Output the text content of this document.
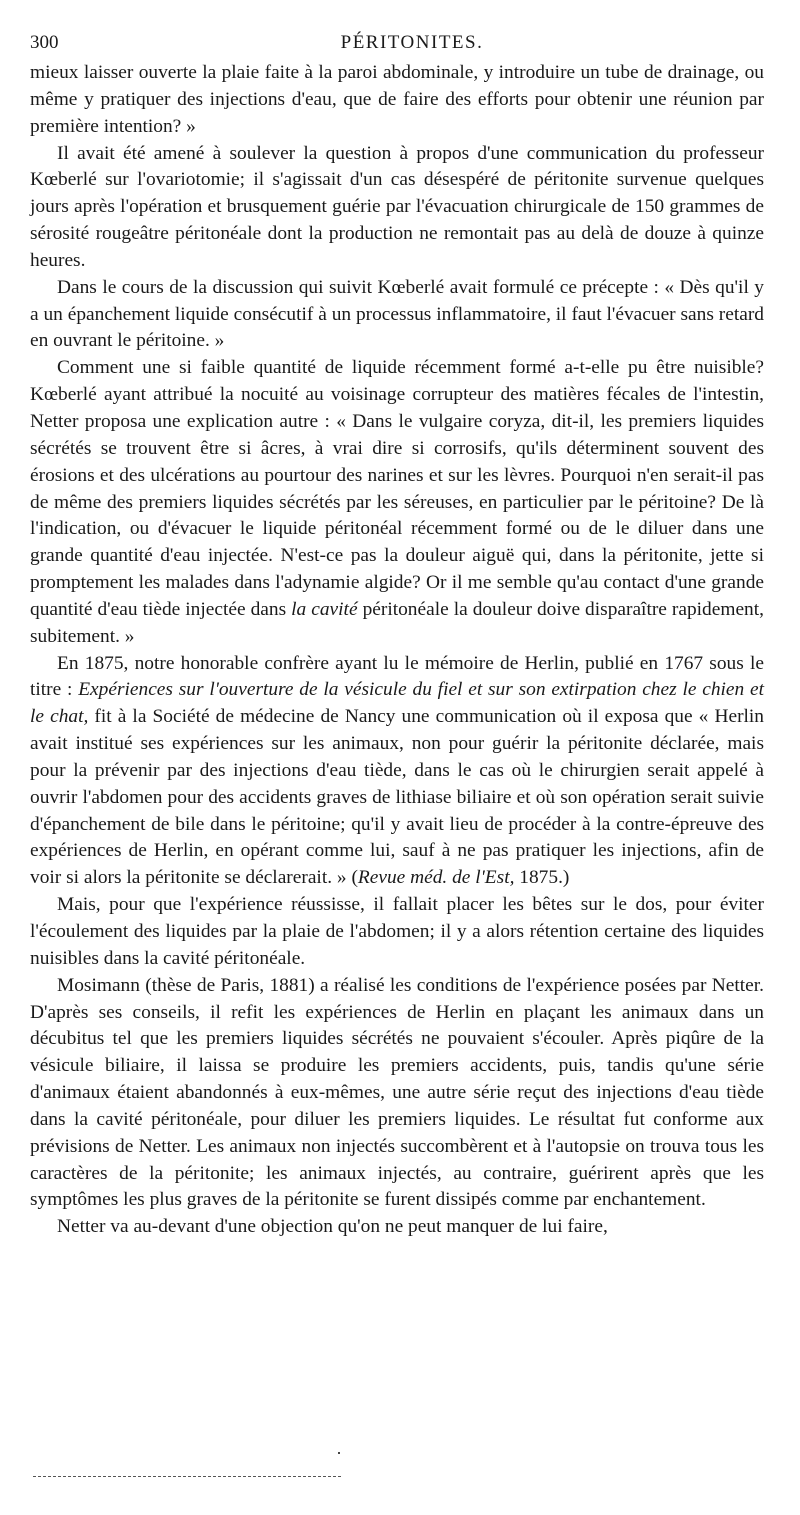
300	PÉRITONITES.

mieux laisser ouverte la plaie faite à la paroi abdominale, y introduire un tube de drainage, ou même y pratiquer des injections d'eau, que de faire des efforts pour obtenir une réunion par première intention? »

Il avait été amené à soulever la question à propos d'une communication du professeur Kœberlé sur l'ovariotomie; il s'agissait d'un cas désespéré de péritonite survenue quelques jours après l'opération et brusquement guérie par l'évacuation chirurgicale de 150 grammes de sérosité rougeâtre péritonéale dont la production ne remontait pas au delà de douze à quinze heures.

Dans le cours de la discussion qui suivit Kœberlé avait formulé ce précepte : « Dès qu'il y a un épanchement liquide consécutif à un processus inflammatoire, il faut l'évacuer sans retard en ouvrant le péritoine. »

Comment une si faible quantité de liquide récemment formé a-t-elle pu être nuisible? Kœberlé ayant attribué la nocuité au voisinage corrupteur des matières fécales de l'intestin, Netter proposa une explication autre : « Dans le vulgaire coryza, dit-il, les premiers liquides sécrétés se trouvent être si âcres, à vrai dire si corrosifs, qu'ils déterminent souvent des érosions et des ulcérations au pourtour des narines et sur les lèvres. Pourquoi n'en serait-il pas de même des premiers liquides sécrétés par les séreuses, en particulier par le péritoine? De là l'indication, ou d'évacuer le liquide péritonéal récemment formé ou de le diluer dans une grande quantité d'eau injectée. N'est-ce pas la douleur aiguë qui, dans la péritonite, jette si promptement les malades dans l'adynamie algide? Or il me semble qu'au contact d'une grande quantité d'eau tiède injectée dans la cavité péritonéale la douleur doive disparaître rapidement, subitement. »

En 1875, notre honorable confrère ayant lu le mémoire de Herlin, publié en 1767 sous le titre : Expériences sur l'ouverture de la vésicule du fiel et sur son extirpation chez le chien et le chat, fit à la Société de médecine de Nancy une communication où il exposa que « Herlin avait institué ses expériences sur les animaux, non pour guérir la péritonite déclarée, mais pour la prévenir par des injections d'eau tiède, dans le cas où le chirurgien serait appelé à ouvrir l'abdomen pour des accidents graves de lithiase biliaire et où son opération serait suivie d'épanchement de bile dans le péritoine; qu'il y avait lieu de procéder à la contre-épreuve des expériences de Herlin, en opérant comme lui, sauf à ne pas pratiquer les injections, afin de voir si alors la péritonite se déclarerait. » (Revue méd. de l'Est, 1875.)

Mais, pour que l'expérience réussisse, il fallait placer les bêtes sur le dos, pour éviter l'écoulement des liquides par la plaie de l'abdomen; il y a alors rétention certaine des liquides nuisibles dans la cavité péritonéale.

Mosimann (thèse de Paris, 1881) a réalisé les conditions de l'expérience posées par Netter. D'après ses conseils, il refit les expériences de Herlin en plaçant les animaux dans un décubitus tel que les premiers liquides sécrétés ne pouvaient s'écouler. Après piqûre de la vésicule biliaire, il laissa se produire les premiers accidents, puis, tandis qu'une série d'animaux étaient abandonnés à eux-mêmes, une autre série reçut des injections d'eau tiède dans la cavité péritonéale, pour diluer les premiers liquides. Le résultat fut conforme aux prévisions de Netter. Les animaux non injectés succombèrent et à l'autopsie on trouva tous les caractères de la péritonite; les animaux injectés, au contraire, guérirent après que les symptômes les plus graves de la péritonite se furent dissipés comme par enchantement.

Netter va au-devant d'une objection qu'on ne peut manquer de lui faire,
